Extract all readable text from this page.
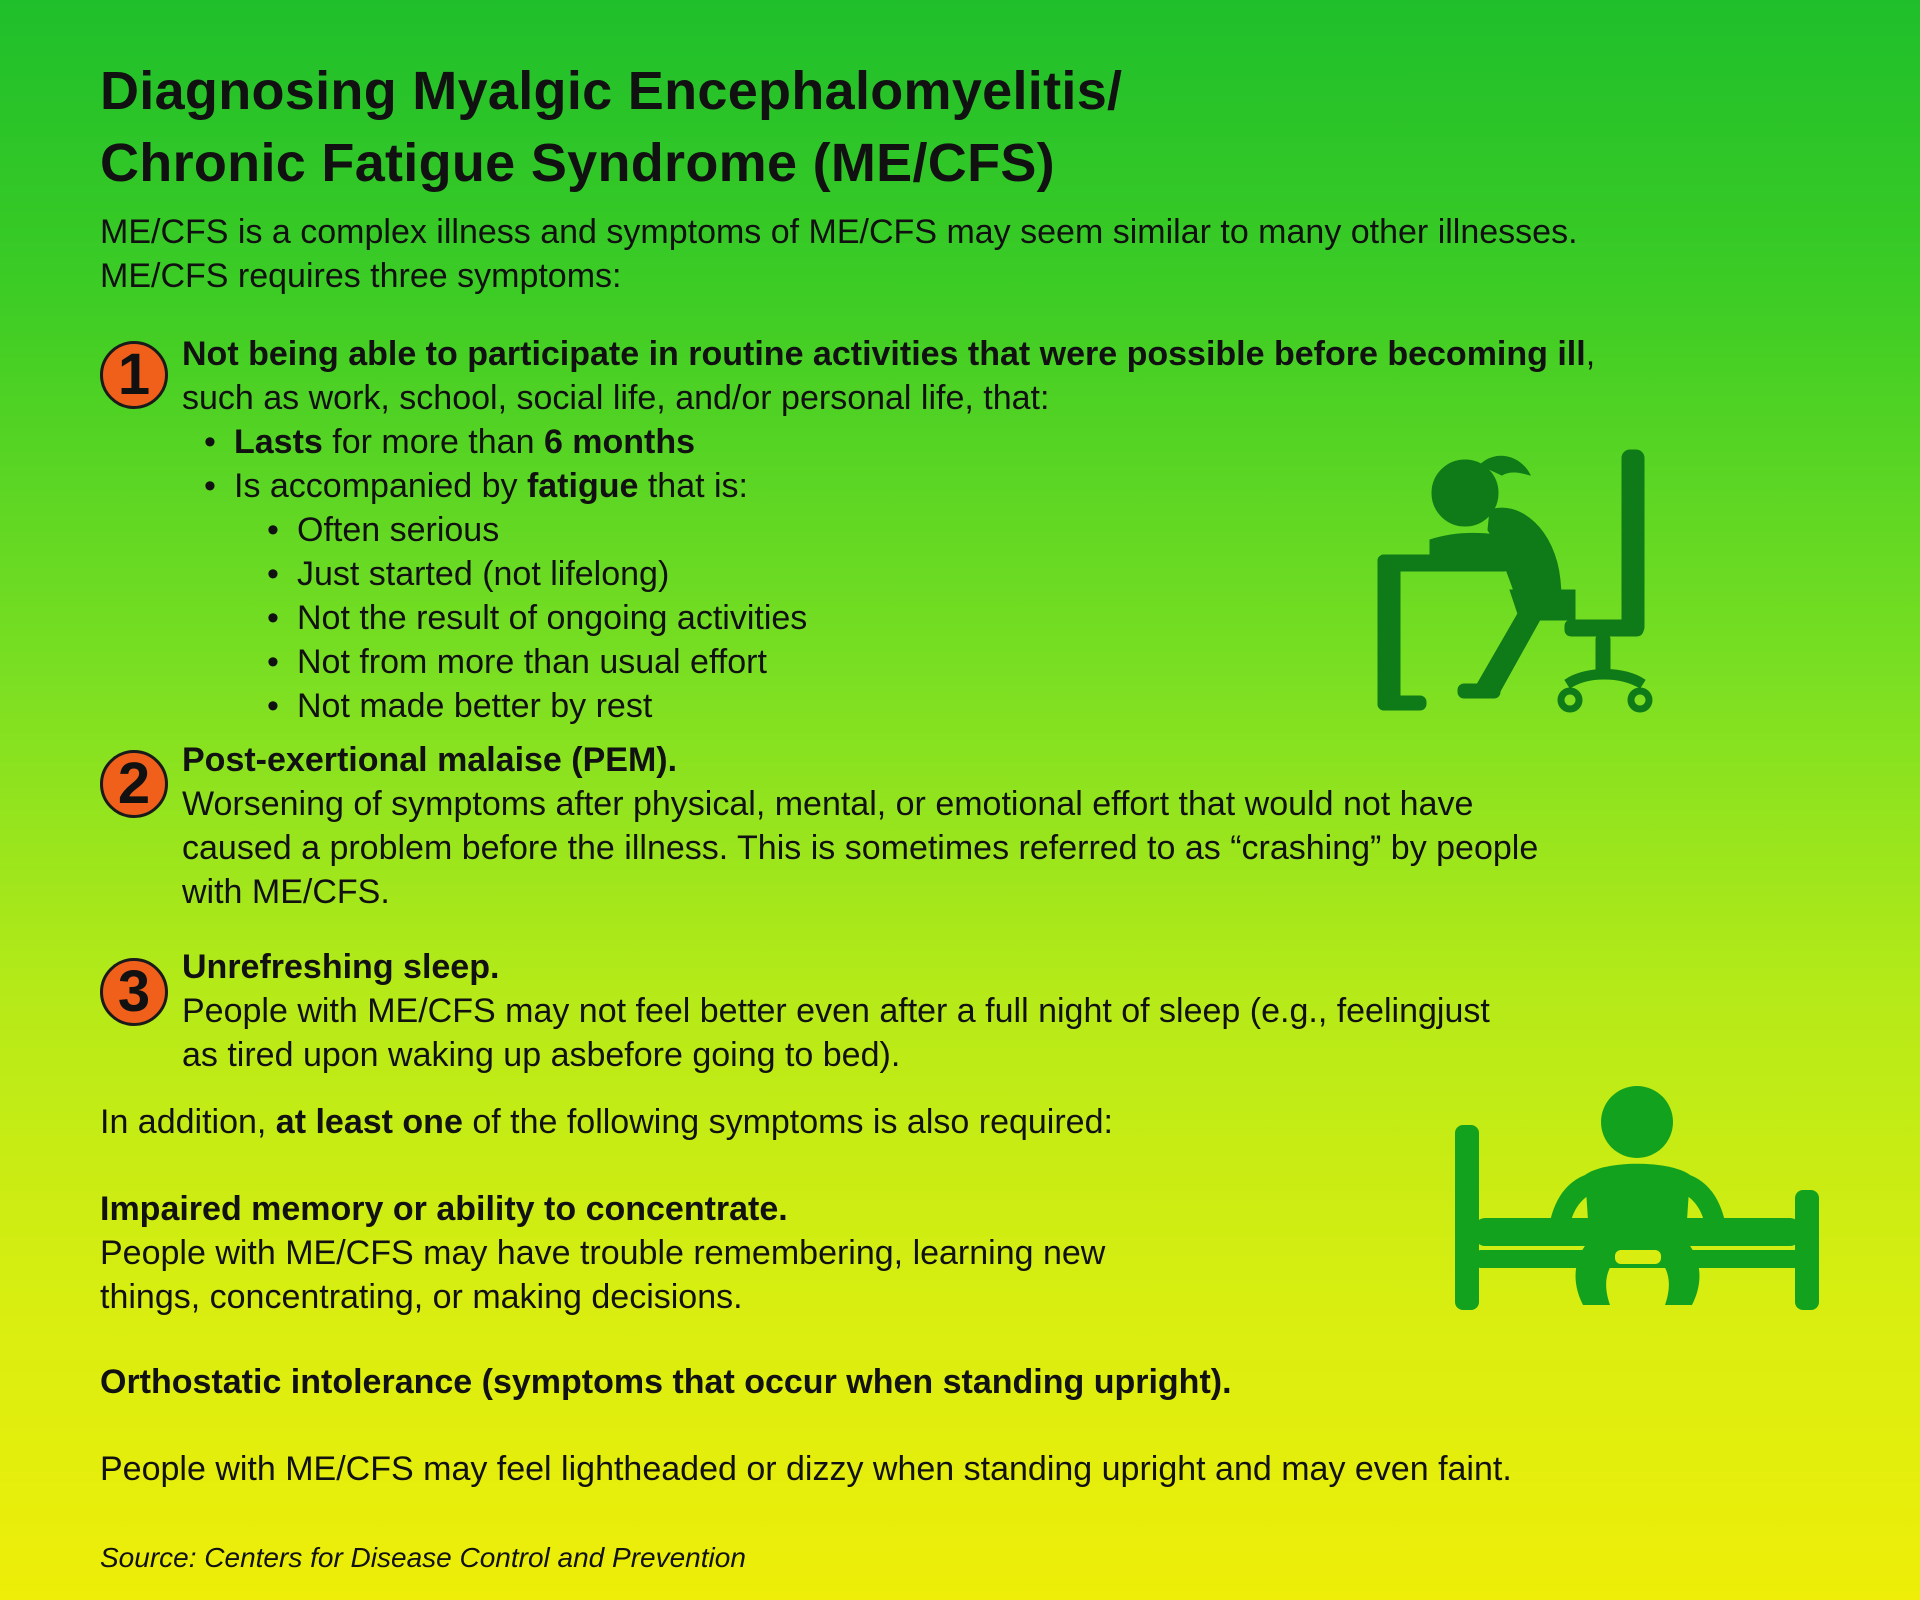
Diagnosing Myalgic Encephalomyelitis/
Chronic Fatigue Syndrome (ME/CFS)
ME/CFS is a complex illness and symptoms of ME/CFS may seem similar to many other illnesses.
ME/CFS requires three symptoms:
1 Not being able to participate in routine activities that were possible before becoming ill,
such as work, school, social life, and/or personal life, that:
• Lasts for more than 6 months
• Is accompanied by fatigue that is:
• Often serious
• Just started (not lifelong)
• Not the result of ongoing activities
• Not from more than usual effort
• Not made better by rest
2 Post-exertional malaise (PEM).
Worsening of symptoms after physical, mental, or emotional effort that would not have
caused a problem before the illness. This is sometimes referred to as “crashing” by people
with ME/CFS.
3 Unrefreshing sleep.
People with ME/CFS may not feel better even after a full night of sleep (e.g., feelingjust
as tired upon waking up asbefore going to bed).
In addition, at least one of the following symptoms is also required:
Impaired memory or ability to concentrate.
People with ME/CFS may have trouble remembering, learning new
things, concentrating, or making decisions.
Orthostatic intolerance (symptoms that occur when standing upright).
People with ME/CFS may feel lightheaded or dizzy when standing upright and may even faint.
Source: Centers for Disease Control and Prevention
